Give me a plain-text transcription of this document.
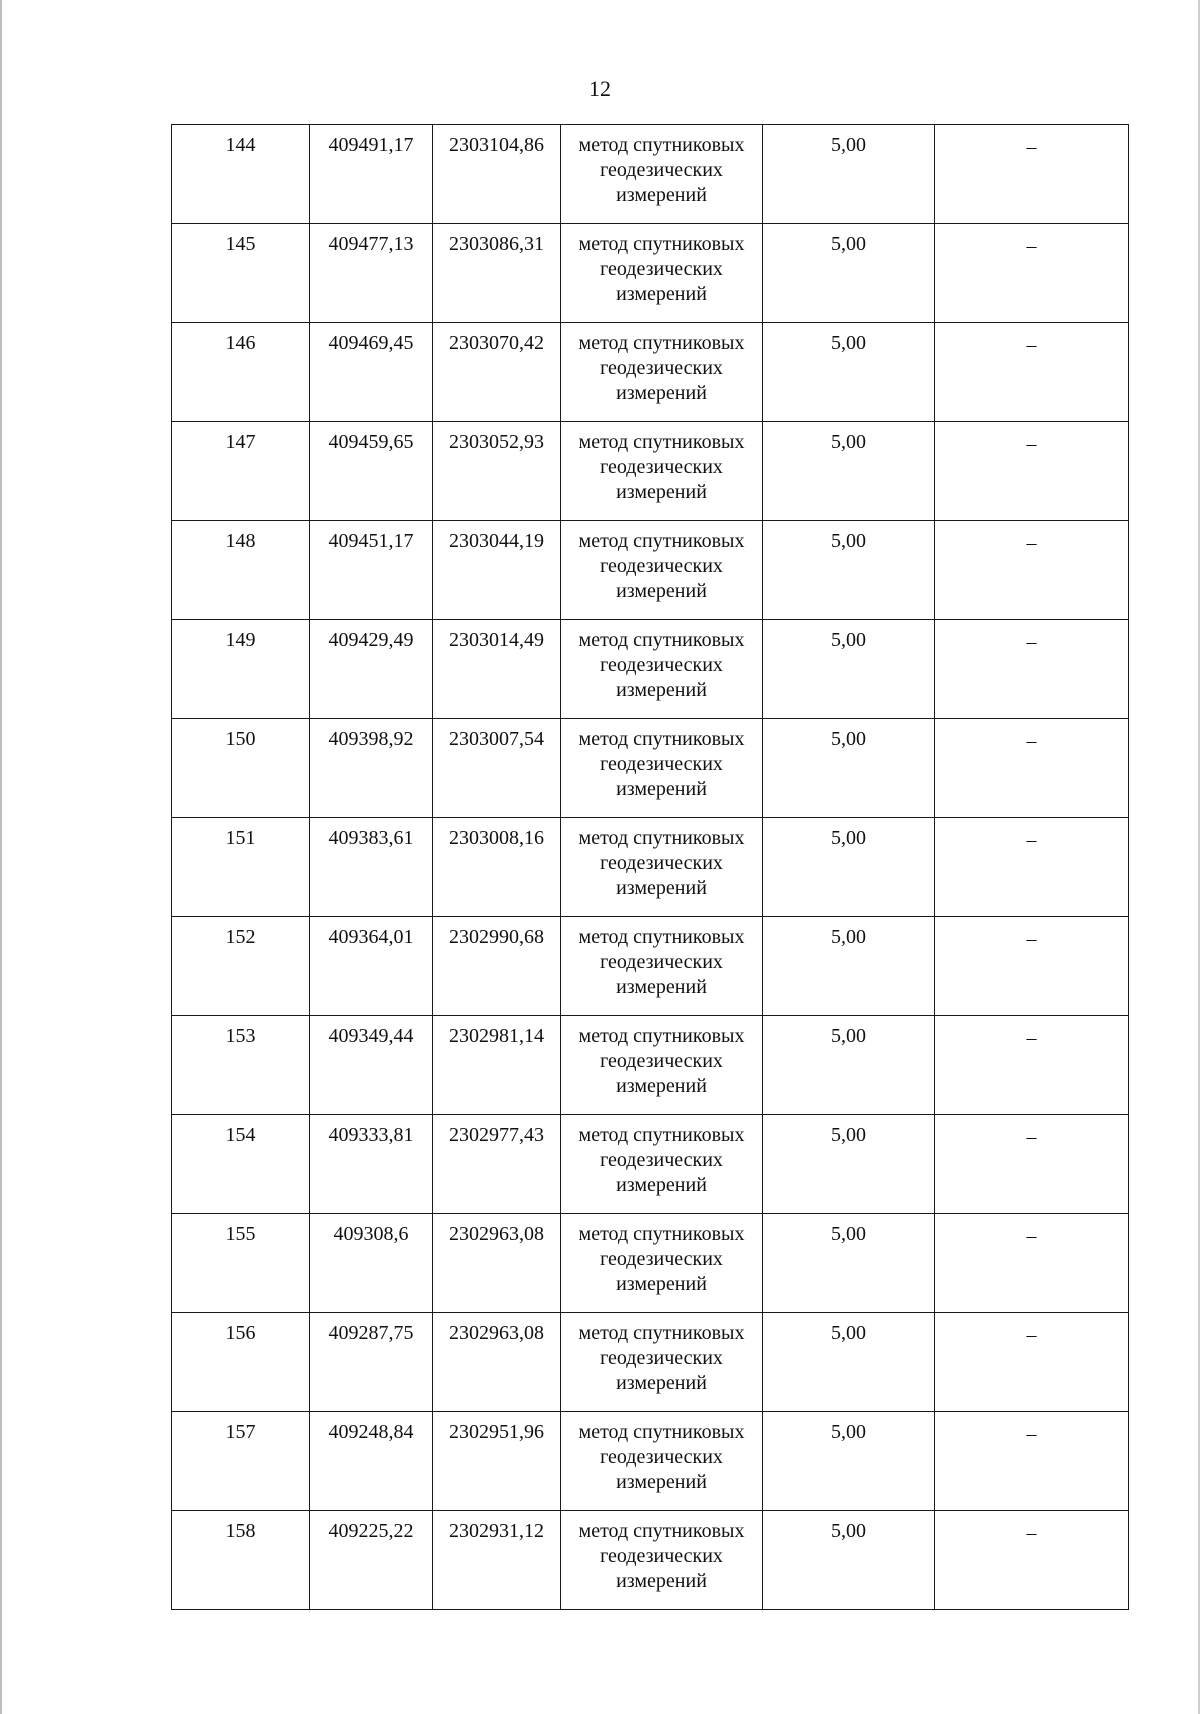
12
144	409491,17	2303104,86	метод спутниковых геодезических измерений	5,00	–
145	409477,13	2303086,31	метод спутниковых геодезических измерений	5,00	–
146	409469,45	2303070,42	метод спутниковых геодезических измерений	5,00	–
147	409459,65	2303052,93	метод спутниковых геодезических измерений	5,00	–
148	409451,17	2303044,19	метод спутниковых геодезических измерений	5,00	–
149	409429,49	2303014,49	метод спутниковых геодезических измерений	5,00	–
150	409398,92	2303007,54	метод спутниковых геодезических измерений	5,00	–
151	409383,61	2303008,16	метод спутниковых геодезических измерений	5,00	–
152	409364,01	2302990,68	метод спутниковых геодезических измерений	5,00	–
153	409349,44	2302981,14	метод спутниковых геодезических измерений	5,00	–
154	409333,81	2302977,43	метод спутниковых геодезических измерений	5,00	–
155	409308,6	2302963,08	метод спутниковых геодезических измерений	5,00	–
156	409287,75	2302963,08	метод спутниковых геодезических измерений	5,00	–
157	409248,84	2302951,96	метод спутниковых геодезических измерений	5,00	–
158	409225,22	2302931,12	метод спутниковых геодезических измерений	5,00	–
